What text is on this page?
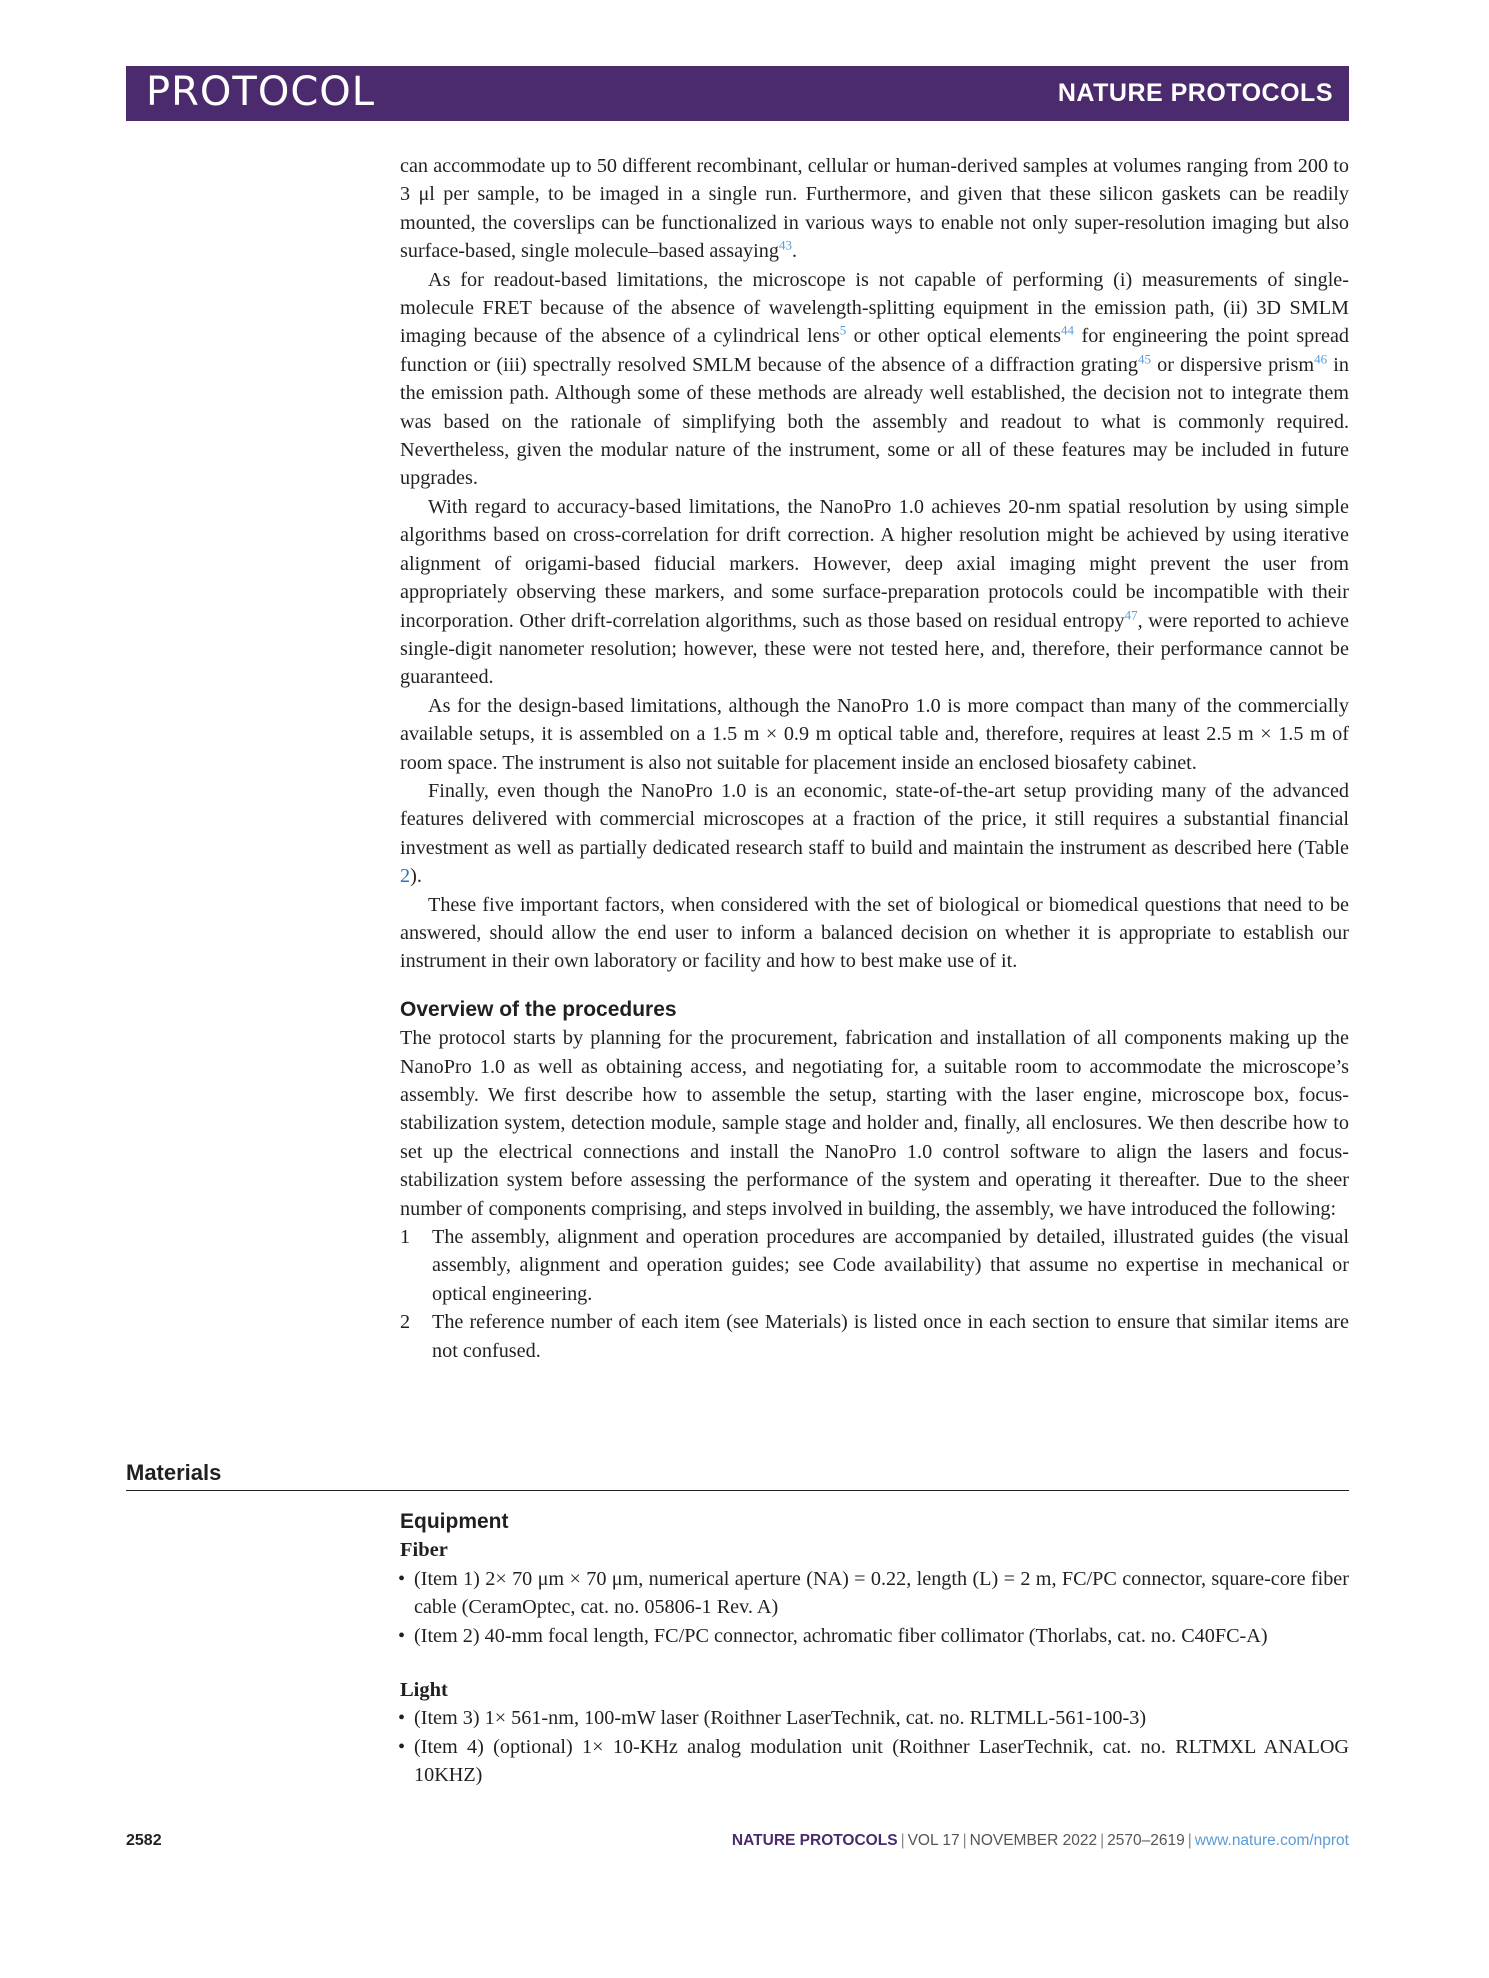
PROTOCOL	NATURE PROTOCOLS

can accommodate up to 50 different recombinant, cellular or human-derived samples at volumes ranging from 200 to 3 μl per sample, to be imaged in a single run. Furthermore, and given that these silicon gaskets can be readily mounted, the coverslips can be functionalized in various ways to enable not only super-resolution imaging but also surface-based, single molecule–based assaying$^{43}$.

As for readout-based limitations, the microscope is not capable of performing (i) measurements of single-molecule FRET because of the absence of wavelength-splitting equipment in the emission path, (ii) 3D SMLM imaging because of the absence of a cylindrical lens$^5$ or other optical elements$^{44}$ for engineering the point spread function or (iii) spectrally resolved SMLM because of the absence of a diffraction grating$^{45}$ or dispersive prism$^{46}$ in the emission path. Although some of these methods are already well established, the decision not to integrate them was based on the rationale of simplifying both the assembly and readout to what is commonly required. Nevertheless, given the modular nature of the instrument, some or all of these features may be included in future upgrades.

With regard to accuracy-based limitations, the NanoPro 1.0 achieves 20-nm spatial resolution by using simple algorithms based on cross-correlation for drift correction. A higher resolution might be achieved by using iterative alignment of origami-based fiducial markers. However, deep axial imaging might prevent the user from appropriately observing these markers, and some surface-preparation protocols could be incompatible with their incorporation. Other drift-correlation algorithms, such as those based on residual entropy$^{47}$, were reported to achieve single-digit nanometer resolution; however, these were not tested here, and, therefore, their performance cannot be guaranteed.

As for the design-based limitations, although the NanoPro 1.0 is more compact than many of the commercially available setups, it is assembled on a 1.5 m × 0.9 m optical table and, therefore, requires at least 2.5 m × 1.5 m of room space. The instrument is also not suitable for placement inside an enclosed biosafety cabinet.

Finally, even though the NanoPro 1.0 is an economic, state-of-the-art setup providing many of the advanced features delivered with commercial microscopes at a fraction of the price, it still requires a substantial financial investment as well as partially dedicated research staff to build and maintain the instrument as described here (Table 2).

These five important factors, when considered with the set of biological or biomedical questions that need to be answered, should allow the end user to inform a balanced decision on whether it is appropriate to establish our instrument in their own laboratory or facility and how to best make use of it.

Overview of the procedures

The protocol starts by planning for the procurement, fabrication and installation of all components making up the NanoPro 1.0 as well as obtaining access, and negotiating for, a suitable room to accommodate the microscope’s assembly. We first describe how to assemble the setup, starting with the laser engine, microscope box, focus-stabilization system, detection module, sample stage and holder and, finally, all enclosures. We then describe how to set up the electrical connections and install the NanoPro 1.0 control software to align the lasers and focus-stabilization system before assessing the performance of the system and operating it thereafter. Due to the sheer number of components comprising, and steps involved in building, the assembly, we have introduced the following:

1 The assembly, alignment and operation procedures are accompanied by detailed, illustrated guides (the visual assembly, alignment and operation guides; see Code availability) that assume no expertise in mechanical or optical engineering.
2 The reference number of each item (see Materials) is listed once in each section to ensure that similar items are not confused.
Materials
Equipment
Fiber
• (Item 1) 2× 70 μm × 70 μm, numerical aperture (NA) = 0.22, length (L) = 2 m, FC/PC connector, square-core fiber cable (CeramOptec, cat. no. 05806-1 Rev. A)
• (Item 2) 40-mm focal length, FC/PC connector, achromatic fiber collimator (Thorlabs, cat. no. C40FC-A)
Light
• (Item 3) 1× 561-nm, 100-mW laser (Roithner LaserTechnik, cat. no. RLTMLL-561-100-3)
• (Item 4) (optional) 1× 10-KHz analog modulation unit (Roithner LaserTechnik, cat. no. RLTMXL ANALOG 10KHZ)
2582	NATURE PROTOCOLS | VOL 17 | NOVEMBER 2022 | 2570–2619 | www.nature.com/nprot
